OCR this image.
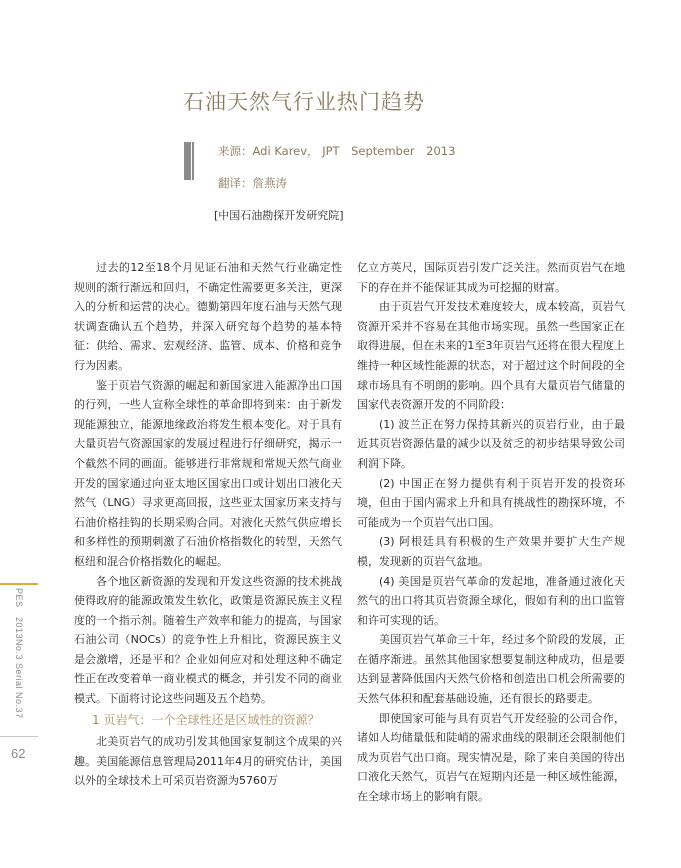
石油天然气行业热门趋势
来源：Adi Karev， JPT　September　2013
翻译：詹燕涛
[中国石油勘探开发研究院]

过去的12至18个月见证石油和天然气行业确定性规则的渐行渐远和回归，不确定性需要更多关注，更深入的分析和运营的决心。德勤第四年度石油与天然气现状调查确认五个趋势，并深入研究每个趋势的基本特征：供给、需求、宏观经济、监管、成本、价格和竞争行为因素。

鉴于页岩气资源的崛起和新国家进入能源净出口国的行列，一些人宣称全球性的革命即将到来：由于新发现能源独立，能源地缘政治将发生根本变化。对于具有大量页岩气资源国家的发展过程进行仔细研究，揭示一个截然不同的画面。能够进行非常规和常规天然气商业开发的国家通过向亚太地区国家出口或计划出口液化天然气（LNG）寻求更高回报，这些亚太国家历来支持与石油价格挂钩的长期采购合同。对液化天然气供应增长和多样性的预期刺激了石油价格指数化的转型，天然气枢纽和混合价格指数化的崛起。

各个地区新资源的发现和开发这些资源的技术挑战使得政府的能源政策发生软化，政策是资源民族主义程度的一个指示剂。随着生产效率和能力的提高，与国家石油公司（NOCs）的竞争性上升相比，资源民族主义是会激增，还是平和？企业如何应对和处理这种不确定性正在改变着单一商业模式的概念，并引发不同的商业模式。下面将讨论这些问题及五个趋势。

1 页岩气：一个全球性还是区域性的资源？

北美页岩气的成功引发其他国家复制这个成果的兴趣。美国能源信息管理局2011年4月的研究估计，美国以外的全球技术上可采页岩资源为5760万

亿立方英尺，国际页岩引发广泛关注。然而页岩气在地下的存在并不能保证其成为可挖掘的财富。

由于页岩气开发技术难度较大，成本较高，页岩气资源开采并不容易在其他市场实现。虽然一些国家正在取得进展，但在未来的1至3年页岩气还将在很大程度上维持一种区域性能源的状态，对于超过这个时间段的全球市场具有不明朗的影响。四个具有大量页岩气储量的国家代表资源开发的不同阶段：

(1) 波兰正在努力保持其新兴的页岩行业，由于最近其页岩资源估量的减少以及贫乏的初步结果导致公司利润下降。

(2) 中国正在努力提供有利于页岩开发的投资环境，但由于国内需求上升和具有挑战性的勘探环境，不可能成为一个页岩气出口国。

(3) 阿根廷具有积极的生产效果并要扩大生产规模，发现新的页岩气盆地。

(4) 美国是页岩气革命的发起地，准备通过液化天然气的出口将其页岩资源全球化，假如有利的出口监管和许可实现的话。

美国页岩气革命三十年，经过多个阶段的发展，正在循序渐进。虽然其他国家想要复制这种成功，但是要达到显著降低国内天然气价格和创造出口机会所需要的天然气体积和配套基础设施，还有很长的路要走。

即使国家可能与具有页岩气开发经验的公司合作，诸如人均储量低和陡峭的需求曲线的限制还会限制他们成为页岩气出口商。现实情况是，除了来自美国的待出口液化天然气，页岩气在短期内还是一种区域性能源，在全球市场上的影响有限。

PES　2013No.3 Serial No.37
62
